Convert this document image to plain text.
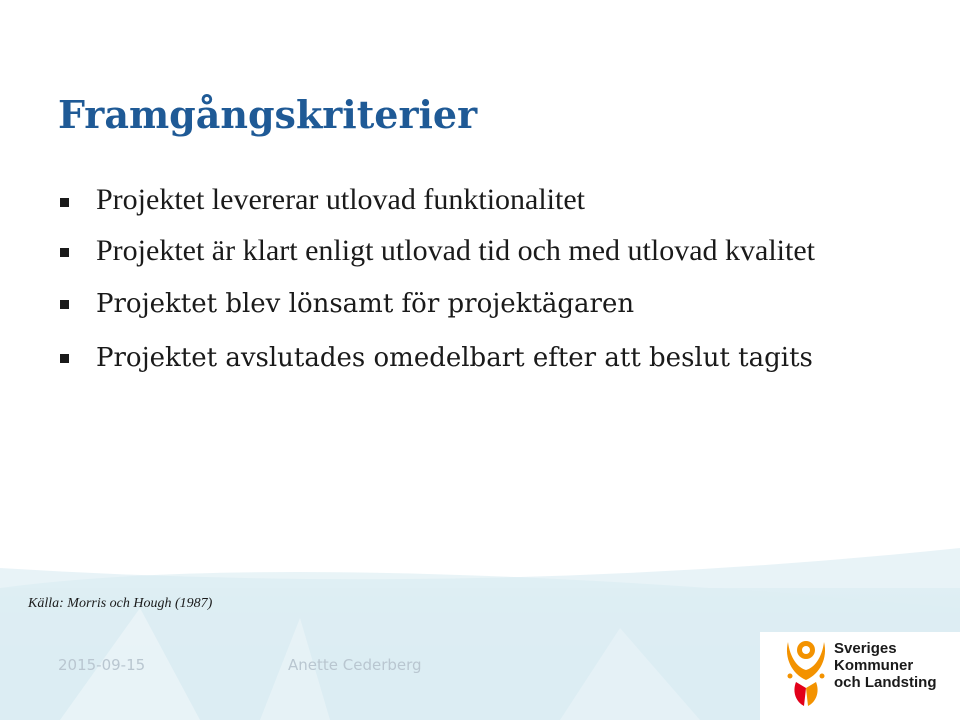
Framgångskriterier
Projektet levererar utlovad funktionalitet
Projektet är klart enligt utlovad tid och med utlovad kvalitet
Projektet blev lönsamt för projektägaren
Projektet avslutades omedelbart efter att beslut tagits
Källa: Morris och Hough (1987)
2015-09-15	Anette Cederberg
Sveriges
Kommuner
och Landsting
